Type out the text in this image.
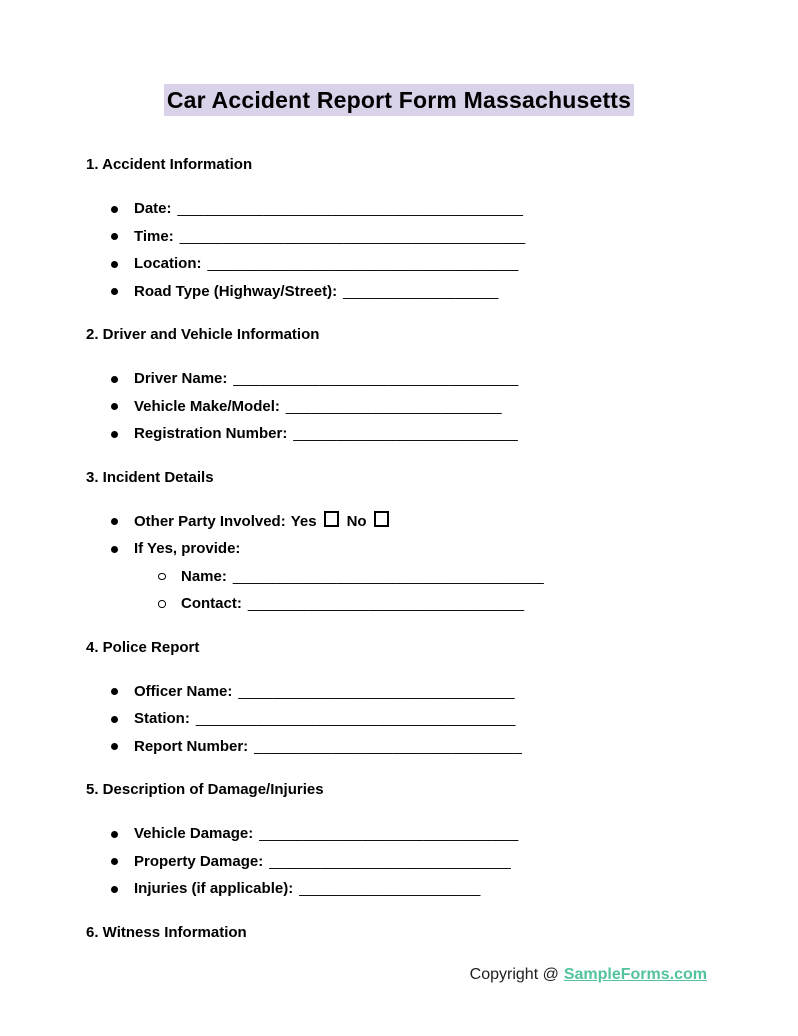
Car Accident Report Form Massachusetts
1. Accident Information
Date: ________________________________________
Time: ________________________________________
Location: ____________________________________
Road Type (Highway/Street): __________________
2. Driver and Vehicle Information
Driver Name: _________________________________
Vehicle Make/Model: _________________________
Registration Number: __________________________
3. Incident Details
Other Party Involved: Yes No
If Yes, provide:
Name: ____________________________________
Contact: ________________________________
4. Police Report
Officer Name: ________________________________
Station: _____________________________________
Report Number: _______________________________
5. Description of Damage/Injuries
Vehicle Damage: ______________________________
Property Damage: ____________________________
Injuries (if applicable): _____________________
6. Witness Information
Copyright @ SampleForms.com
